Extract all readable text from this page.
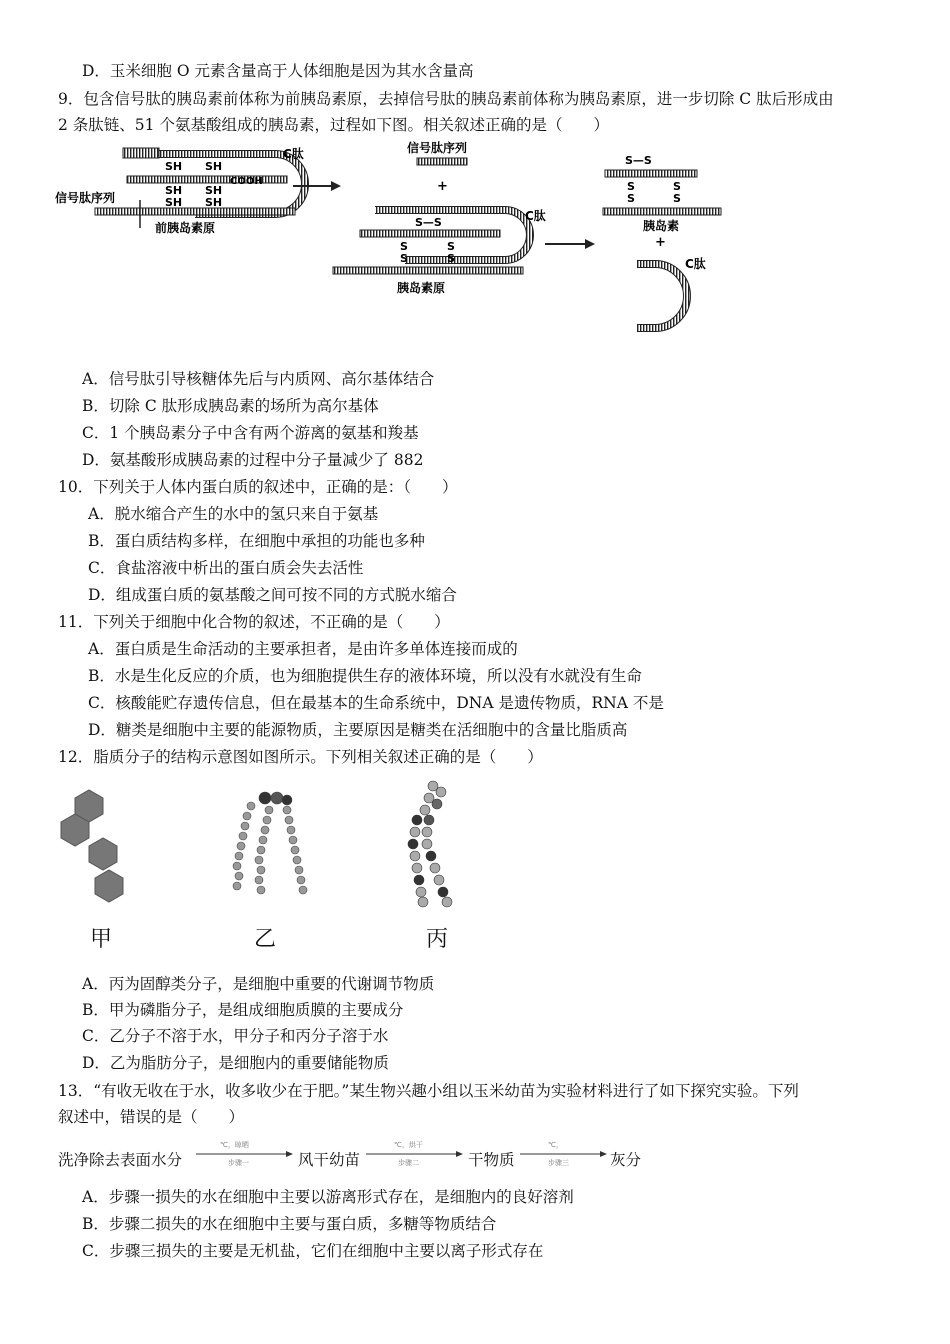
D．玉米细胞 O 元素含量高于人体细胞是因为其水含量高
9．包含信号肽的胰岛素前体称为前胰岛素原，去掉信号肽的胰岛素前体称为胰岛素原，进一步切除 C 肽后形成由
2 条肽链、51 个氨基酸组成的胰岛素，过程如下图。相关叙述正确的是（　　）
SH SH
SH SH
SH SH
COOH
C肽
信号肽序列
前胰岛素原
信号肽序列
+
S—S
S
S
S
S
C肽
胰岛素原
S—S
S
S
S
S
胰岛素
+
C肽
A．信号肽引导核糖体先后与内质网、高尔基体结合
B．切除 C 肽形成胰岛素的场所为高尔基体
C．1 个胰岛素分子中含有两个游离的氨基和羧基
D．氨基酸形成胰岛素的过程中分子量减少了 882
10．下列关于人体内蛋白质的叙述中，正确的是：（　　）
A．脱水缩合产生的水中的氢只来自于氨基
B．蛋白质结构多样，在细胞中承担的功能也多种
C．食盐溶液中析出的蛋白质会失去活性
D．组成蛋白质的氨基酸之间可按不同的方式脱水缩合
11．下列关于细胞中化合物的叙述，不正确的是（　　）
A．蛋白质是生命活动的主要承担者，是由许多单体连接而成的
B．水是生化反应的介质，也为细胞提供生存的液体环境，所以没有水就没有生命
C．核酸能贮存遗传信息，但在最基本的生命系统中，DNA 是遗传物质，RNA 不是
D．糖类是细胞中主要的能源物质，主要原因是糖类在活细胞中的含量比脂质高
12．脂质分子的结构示意图如图所示。下列相关叙述正确的是（　　）
甲	乙	丙
A．丙为固醇类分子，是细胞中重要的代谢调节物质
B．甲为磷脂分子，是组成细胞质膜的主要成分
C．乙分子不溶于水，甲分子和丙分子溶于水
D．乙为脂肪分子，是细胞内的重要储能物质
13．“有收无收在于水，收多收少在于肥。”某生物兴趣小组以玉米幼苗为实验材料进行了如下探究实验。下列
叙述中，错误的是（　　）
洗净除去表面水分
℃，晾晒
步骤一	风干幼苗
℃，烘干
步骤二	干物质
℃，
步骤三	灰分
A．步骤一损失的水在细胞中主要以游离形式存在，是细胞内的良好溶剂
B．步骤二损失的水在细胞中主要与蛋白质，多糖等物质结合
C．步骤三损失的主要是无机盐，它们在细胞中主要以离子形式存在
